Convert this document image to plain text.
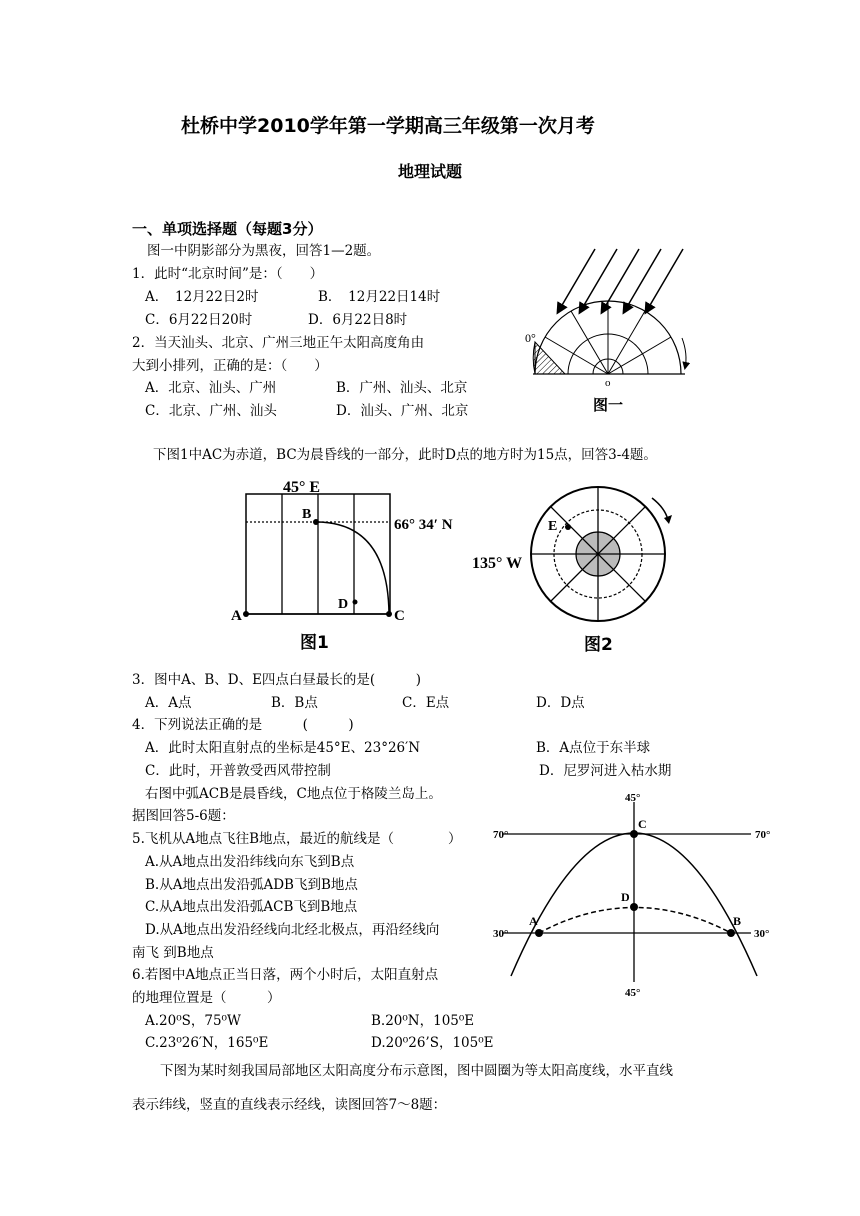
杜桥中学2010学年第一学期高三年级第一次月考
地理试题
一、单项选择题（每题3分）
图一中阴影部分为黑夜，回答1—2题。
1．此时“北京时间”是：（　　）
A．　12月22日2时	B．　12月22日14时
C．6月22日20时	D．6月22日8时
2．当天汕头、北京、广州三地正午太阳高度角由
大到小排列，正确的是：（　　）
A．北京、汕头、广州	B．广州、汕头、北京
C．北京、广州、汕头	D．汕头、广州、北京
0°
o
图一
下图1中AC为赤道，BC为晨昏线的一部分，此时D点的地方时为15点，回答3-4题。
45° E
66° 34′ N
B
D
A	C
图1
E
135° W
图2
3．图中A、B、D、E四点白昼最长的是(　　　)
A．A点	B．B点	C．E点	D．D点
4．下列说法正确的是　　　(　　　)
A．此时太阳直射点的坐标是45°E、23°26′N	B．A点位于东半球
C．此时，开普敦受西风带控制	D．尼罗河进入枯水期
右图中弧ACB是晨昏线，C地点位于格陵兰岛上。
据图回答5-6题：
5.飞机从A地点飞往B地点，最近的航线是（　　　　）
A.从A地点出发沿纬线向东飞到B点
B.从A地点出发沿弧ADB飞到B地点
C.从A地点出发沿弧ACB飞到B地点
D.从A地点出发沿经线向北经北极点，再沿经线向
南飞 到B地点
6.若图中A地点正当日落，两个小时后，太阳直射点
的地理位置是（　　　）
A.20⁰S，75⁰W	B.20⁰N，105⁰E
C.23⁰26′N，165⁰E	D.20⁰26’S，105⁰E
45°
45°
70°	70°
30°	30°
C
D
A	B
下图为某时刻我国局部地区太阳高度分布示意图，图中圆圈为等太阳高度线，水平直线
表示纬线，竖直的直线表示经线，读图回答7～8题：
